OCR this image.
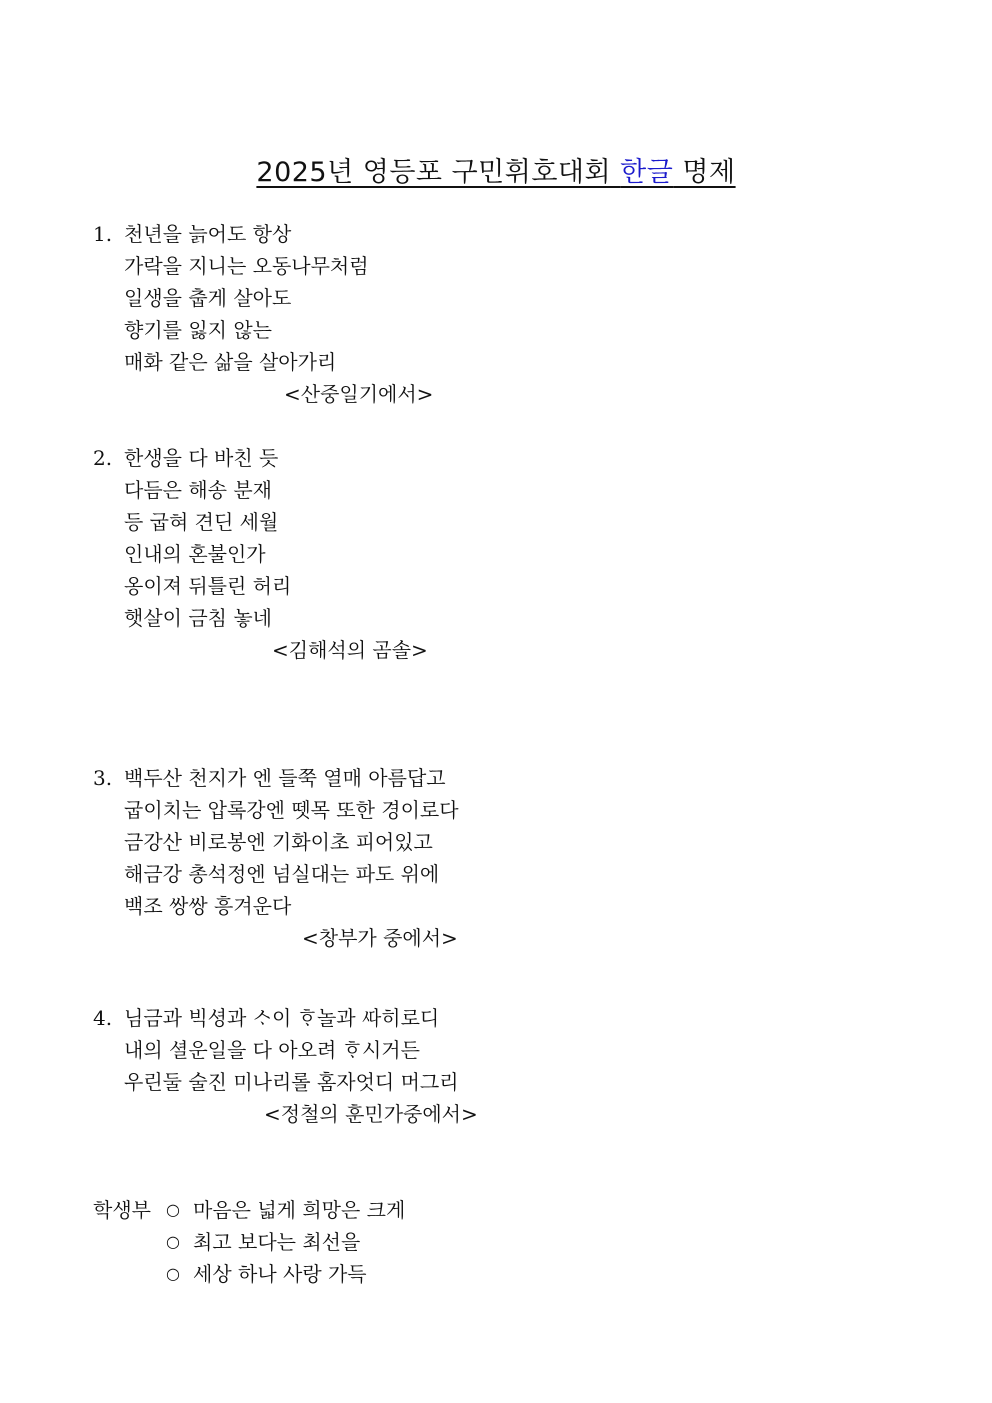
2025년 영등포 구민휘호대회 한글 명제
1. 천년을 늙어도 항상
가락을 지니는 오동나무처럼
일생을 춥게 살아도
향기를 잃지 않는
매화 같은 삶을 살아가리
<산중일기에서>
2. 한생을 다 바친 듯
다듬은 해송 분재
등 굽혀 견딘 세월
인내의 혼불인가
옹이져 뒤틀린 허리
햇살이 금침 놓네
<김해석의 곰솔>
3. 백두산 천지가 엔 들쭉 열매 아름답고
굽이치는 압록강엔 뗏목 또한 경이로다
금강산 비로봉엔 기화이초 피어있고
해금강 총석정엔 넘실대는 파도 위에
백조 쌍쌍 흥겨운다
<창부가 중에서>
4. 님금과 빅셩과 ᄉᆞ이 ᄒᆞ놀과 ᄯᅡ히로디
내의 셜운일을 다 아오려 ᄒᆞ시거든
우린둘 술진 미나리롤 홈자엇디 머그리
<정철의 훈민가중에서>
학생부 ○ 마음은 넓게 희망은 크게
○ 최고 보다는 최선을
○ 세상 하나 사랑 가득
